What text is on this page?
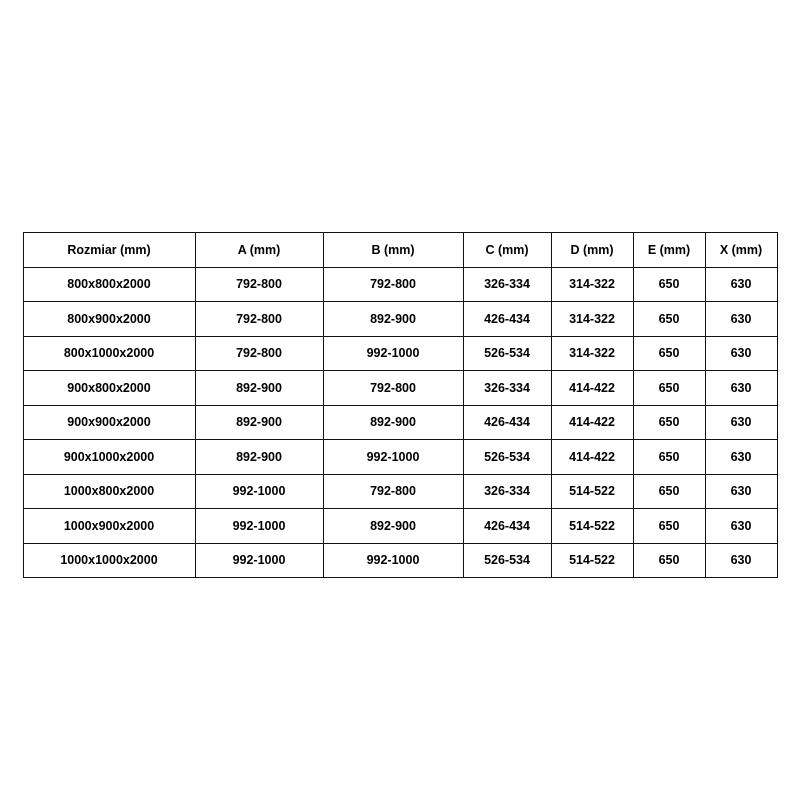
Rozmiar (mm)	A (mm)	B (mm)	C (mm)	D (mm)	E (mm)	X (mm)
800x800x2000	792-800	792-800	326-334	314-322	650	630
800x900x2000	792-800	892-900	426-434	314-322	650	630
800x1000x2000	792-800	992-1000	526-534	314-322	650	630
900x800x2000	892-900	792-800	326-334	414-422	650	630
900x900x2000	892-900	892-900	426-434	414-422	650	630
900x1000x2000	892-900	992-1000	526-534	414-422	650	630
1000x800x2000	992-1000	792-800	326-334	514-522	650	630
1000x900x2000	992-1000	892-900	426-434	514-522	650	630
1000x1000x2000	992-1000	992-1000	526-534	514-522	650	630
